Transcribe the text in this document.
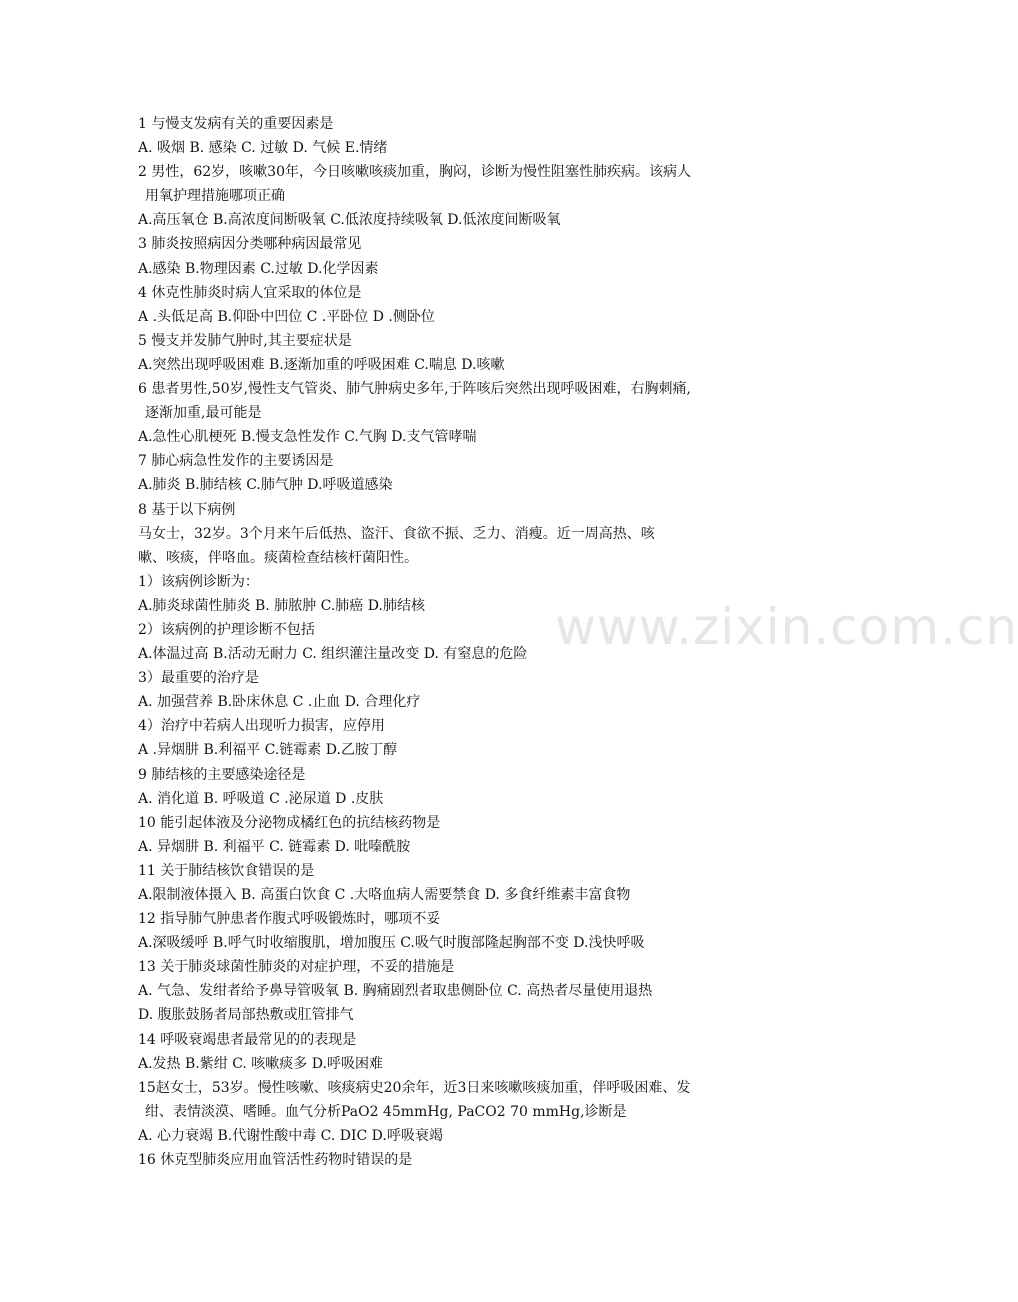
www.zixin.com.cn
1 与慢支发病有关的重要因素是
A. 吸烟 B. 感染 C. 过敏 D. 气候 E.情绪
2 男性，62岁，咳嗽30年，今日咳嗽咳痰加重，胸闷，诊断为慢性阻塞性肺疾病。该病人
用氧护理措施哪项正确
A.高压氧仓 B.高浓度间断吸氧 C.低浓度持续吸氧 D.低浓度间断吸氧
3 肺炎按照病因分类哪种病因最常见
A.感染 B.物理因素 C.过敏 D.化学因素
4 休克性肺炎时病人宜采取的体位是
A .头低足高 B.仰卧中凹位 C .平卧位 D .侧卧位
5 慢支并发肺气肿时,其主要症状是
A.突然出现呼吸困难 B.逐渐加重的呼吸困难 C.喘息 D.咳嗽
6 患者男性,50岁,慢性支气管炎、肺气肿病史多年,于阵咳后突然出现呼吸困难，右胸刺痛,
逐渐加重,最可能是
A.急性心肌梗死 B.慢支急性发作 C.气胸 D.支气管哮喘
7 肺心病急性发作的主要诱因是
A.肺炎 B.肺结核 C.肺气肿 D.呼吸道感染
8 基于以下病例
马女士，32岁。3个月来午后低热、盗汗、食欲不振、乏力、消瘦。近一周高热、咳
嗽、咳痰，伴咯血。痰菌检查结核杆菌阳性。
1）该病例诊断为：
A.肺炎球菌性肺炎 B. 肺脓肿 C.肺癌 D.肺结核
2）该病例的护理诊断不包括
A.体温过高 B.活动无耐力 C. 组织灌注量改变 D. 有窒息的危险
3）最重要的治疗是
A. 加强营养 B.卧床休息 C .止血 D. 合理化疗
4）治疗中若病人出现听力损害，应停用
A .异烟肼 B.利福平 C.链霉素 D.乙胺丁醇
9 肺结核的主要感染途径是
A. 消化道 B. 呼吸道 C .泌尿道 D .皮肤
10 能引起体液及分泌物成橘红色的抗结核药物是
A. 异烟肼 B. 利福平 C. 链霉素 D. 吡嗪酰胺
11 关于肺结核饮食错误的是
A.限制液体摄入 B. 高蛋白饮食 C .大咯血病人需要禁食 D. 多食纤维素丰富食物
12 指导肺气肿患者作腹式呼吸锻炼时，哪项不妥
A.深吸缓呼 B.呼气时收缩腹肌，增加腹压 C.吸气时腹部隆起胸部不变 D.浅快呼吸
13 关于肺炎球菌性肺炎的对症护理，不妥的措施是
A. 气急、发绀者给予鼻导管吸氧 B. 胸痛剧烈者取患侧卧位 C. 高热者尽量使用退热
D. 腹胀鼓肠者局部热敷或肛管排气
14 呼吸衰竭患者最常见的的表现是
A.发热 B.紫绀 C. 咳嗽痰多 D.呼吸困难
15赵女士，53岁。慢性咳嗽、咳痰病史20余年，近3日来咳嗽咳痰加重，伴呼吸困难、发
绀、表情淡漠、嗜睡。血气分析PaO2 45mmHg, PaCO2 70 mmHg,诊断是
A. 心力衰竭 B.代谢性酸中毒 C. DIC D.呼吸衰竭
16 休克型肺炎应用血管活性药物时错误的是
